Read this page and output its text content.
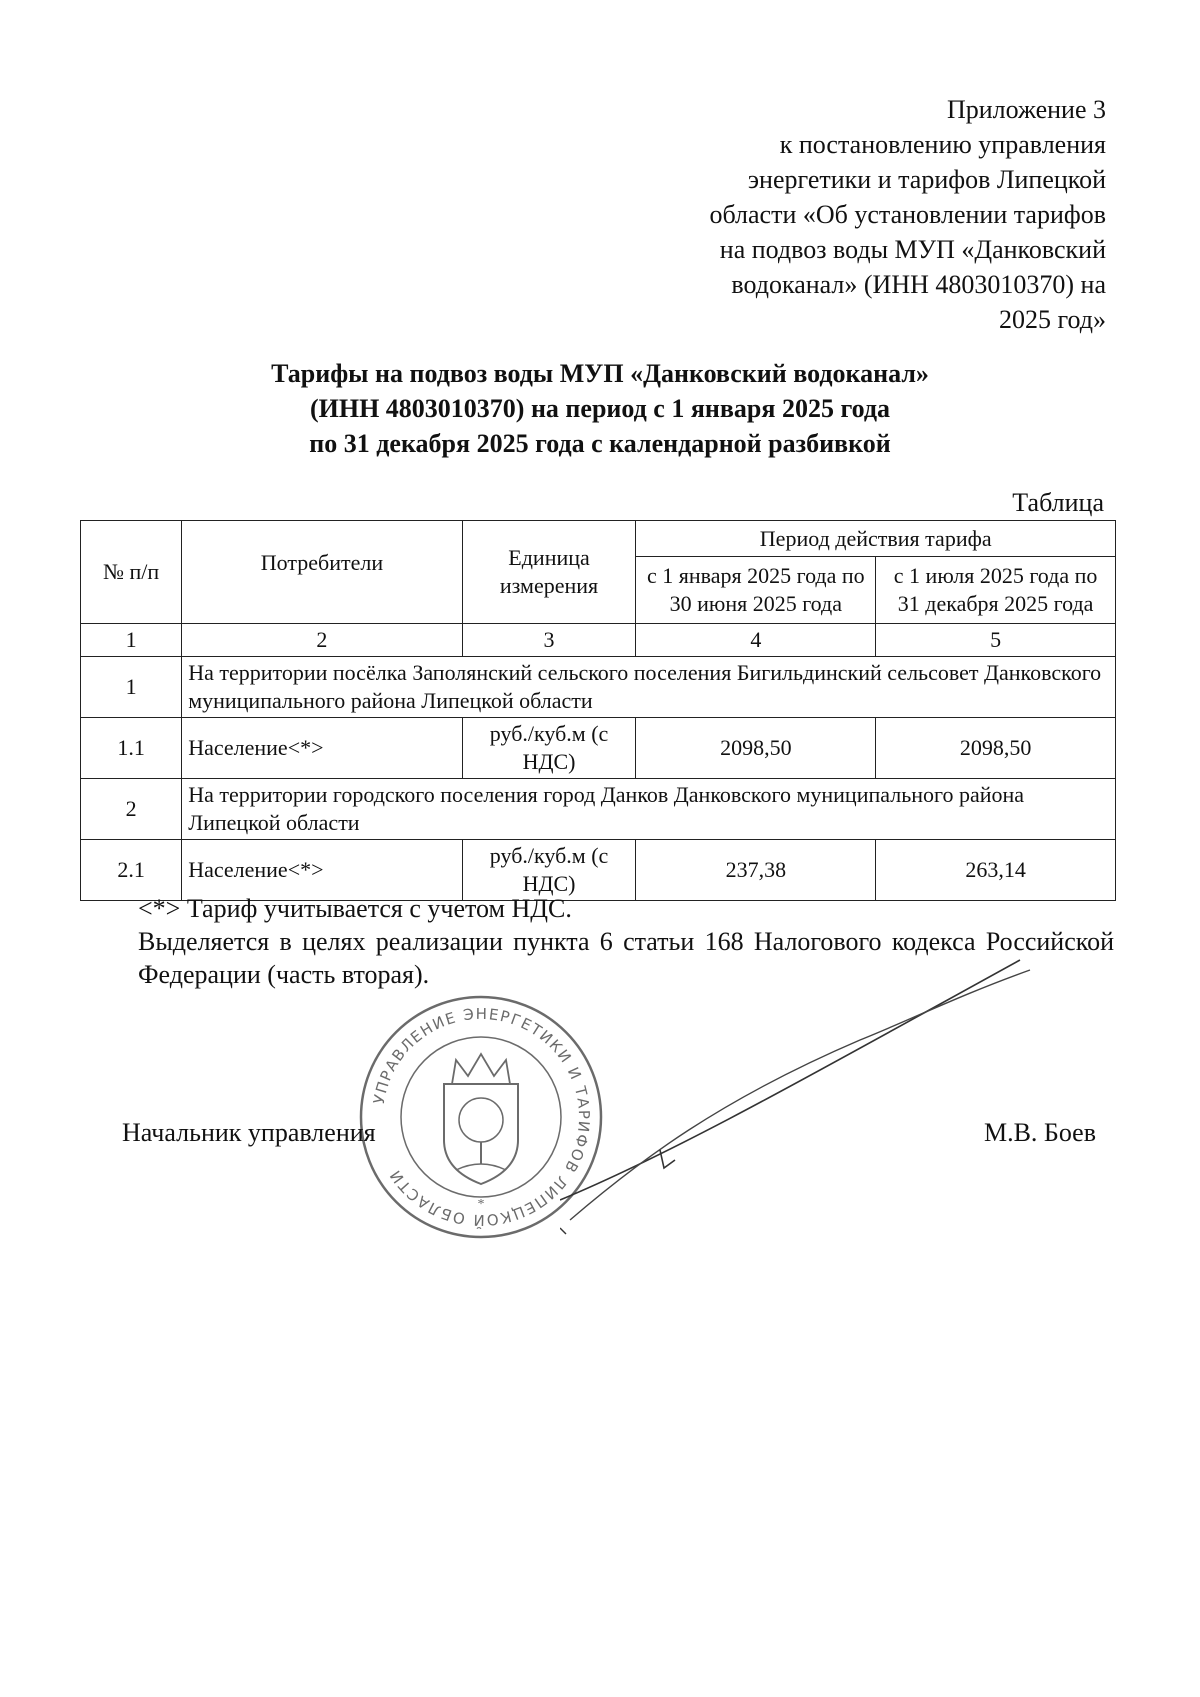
Приложение 3
к постановлению управления
энергетики и тарифов Липецкой
области «Об установлении тарифов
на подвоз воды МУП «Данковский
водоканал» (ИНН 4803010370) на
2025 год»
Тарифы на подвоз воды МУП «Данковский водоканал»
(ИНН 4803010370) на период с 1 января 2025 года
по 31 декабря 2025 года с календарной разбивкой
Таблица
№ п/п	Потребители	Единица измерения	Период действия тарифа	
			с 1 января 2025 года по 30 июня 2025 года	с 1 июля 2025 года по 31 декабря 2025 года
1	2	3	4	5
1	На территории посёлка Заполянский сельского поселения Бигильдинский сельсовет Данковского муниципального района Липецкой области			
1.1	Население<*>	руб./куб.м (с НДС)	2098,50	2098,50
2	На территории городского поселения город Данков Данковского муниципального района Липецкой области			
2.1	Население<*>	руб./куб.м (с НДС)	237,38	263,14

<*> Тариф учитывается с учетом НДС.

Выделяется в целях реализации пункта 6 статьи 168 Налогового кодекса Российской Федерации (часть вторая).

УПРАВЛЕНИЕ ЭНЕРГЕТИКИ И ТАРИФОВ ЛИПЕЦКОЙ ОБЛАСТИ
*
Начальник управления	М.В. Боев
